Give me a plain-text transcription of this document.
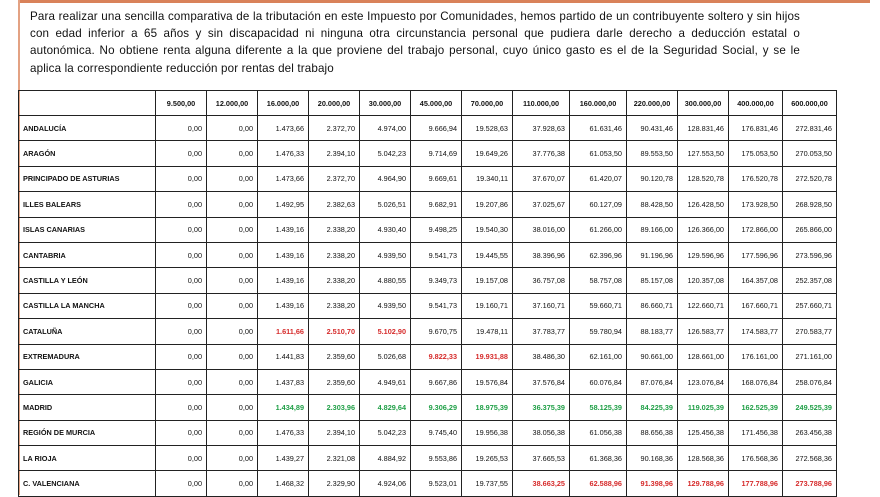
Para realizar una sencilla comparativa de la tributación en este Impuesto por Comunidades, hemos partido de un contribuyente soltero y sin hijos con edad inferior a 65 años y sin discapacidad ni ninguna otra circunstancia personal que pudiera darle derecho a deducción estatal o autonómica. No obtiene renta alguna diferente a la que proviene del trabajo personal, cuyo único gasto es el de la Seguridad Social, y se le aplica la correspondiente reducción por rentas del trabajo

	9.500,00	12.000,00	16.000,00	20.000,00	30.000,00	45.000,00	70.000,00	110.000,00	160.000,00	220.000,00	300.000,00	400.000,00	600.000,00
ANDALUCÍA	0,00	0,00	1.473,66	2.372,70	4.974,00	9.666,94	19.528,63	37.928,63	61.631,46	90.431,46	128.831,46	176.831,46	272.831,46
ARAGÓN	0,00	0,00	1.476,33	2.394,10	5.042,23	9.714,69	19.649,26	37.776,38	61.053,50	89.553,50	127.553,50	175.053,50	270.053,50
PRINCIPADO DE ASTURIAS	0,00	0,00	1.473,66	2.372,70	4.964,90	9.669,61	19.340,11	37.670,07	61.420,07	90.120,78	128.520,78	176.520,78	272.520,78
ILLES BALEARS	0,00	0,00	1.492,95	2.382,63	5.026,51	9.682,91	19.207,86	37.025,67	60.127,09	88.428,50	126.428,50	173.928,50	268.928,50
ISLAS CANARIAS	0,00	0,00	1.439,16	2.338,20	4.930,40	9.498,25	19.540,30	38.016,00	61.266,00	89.166,00	126.366,00	172.866,00	265.866,00
CANTABRIA	0,00	0,00	1.439,16	2.338,20	4.939,50	9.541,73	19.445,55	38.396,96	62.396,96	91.196,96	129.596,96	177.596,96	273.596,96
CASTILLA Y LEÓN	0,00	0,00	1.439,16	2.338,20	4.880,55	9.349,73	19.157,08	36.757,08	58.757,08	85.157,08	120.357,08	164.357,08	252.357,08
CASTILLA LA MANCHA	0,00	0,00	1.439,16	2.338,20	4.939,50	9.541,73	19.160,71	37.160,71	59.660,71	86.660,71	122.660,71	167.660,71	257.660,71
CATALUÑA	0,00	0,00	1.611,66	2.510,70	5.102,90	9.670,75	19.478,11	37.783,77	59.780,94	88.183,77	126.583,77	174.583,77	270.583,77
EXTREMADURA	0,00	0,00	1.441,83	2.359,60	5.026,68	9.822,33	19.931,88	38.486,30	62.161,00	90.661,00	128.661,00	176.161,00	271.161,00
GALICIA	0,00	0,00	1.437,83	2.359,60	4.949,61	9.667,86	19.576,84	37.576,84	60.076,84	87.076,84	123.076,84	168.076,84	258.076,84
MADRID	0,00	0,00	1.434,89	2.303,96	4.829,64	9.306,29	18.975,39	36.375,39	58.125,39	84.225,39	119.025,39	162.525,39	249.525,39
REGIÓN DE MURCIA	0,00	0,00	1.476,33	2.394,10	5.042,23	9.745,40	19.956,38	38.056,38	61.056,38	88.656,38	125.456,38	171.456,38	263.456,38
LA RIOJA	0,00	0,00	1.439,27	2.321,08	4.884,92	9.553,86	19.265,53	37.665,53	61.368,36	90.168,36	128.568,36	176.568,36	272.568,36
C. VALENCIANA	0,00	0,00	1.468,32	2.329,90	4.924,06	9.523,01	19.737,55	38.663,25	62.588,96	91.398,96	129.788,96	177.788,96	273.788,96
